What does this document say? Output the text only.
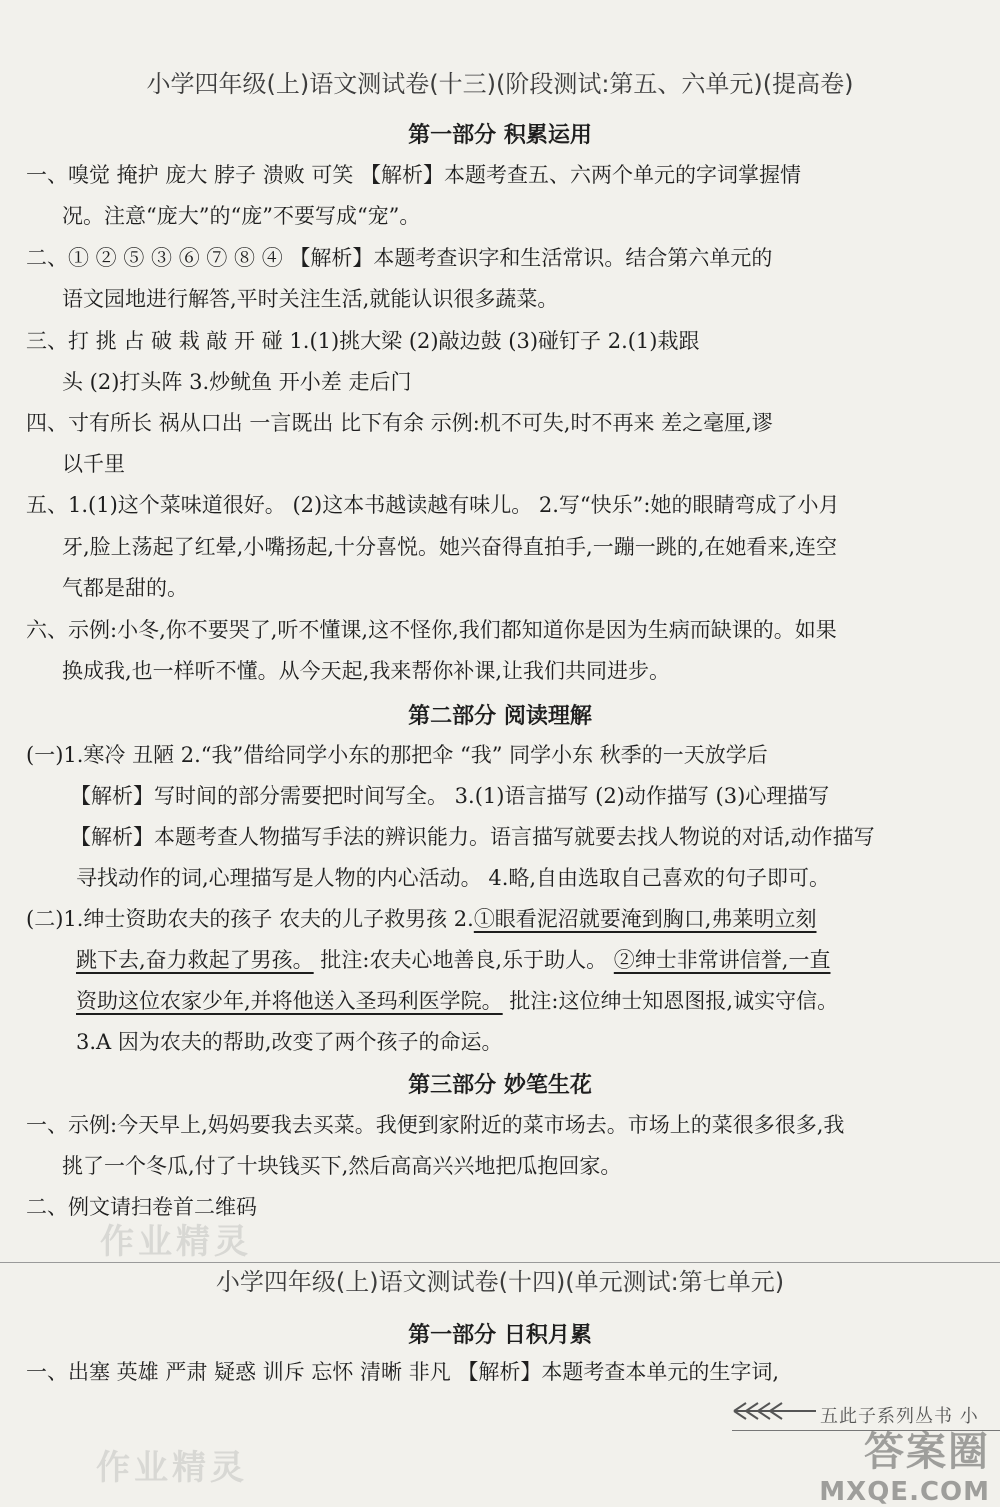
小学四年级(上)语文测试卷(十三)(阶段测试:第五、六单元)(提高卷)
第一部分 积累运用
一、嗅觉 掩护 庞大 脖子 溃败 可笑 【解析】本题考查五、六两个单元的字词掌握情
况。注意“庞大”的“庞”不要写成“宠”。
二、① ② ⑤ ③ ⑥ ⑦ ⑧ ④ 【解析】本题考查识字和生活常识。结合第六单元的
语文园地进行解答,平时关注生活,就能认识很多蔬菜。
三、打 挑 占 破 栽 敲 开 碰 1.(1)挑大梁 (2)敲边鼓 (3)碰钉子 2.(1)栽跟
头 (2)打头阵 3.炒鱿鱼 开小差 走后门
四、寸有所长 祸从口出 一言既出 比下有余 示例:机不可失,时不再来 差之毫厘,谬
以千里
五、1.(1)这个菜味道很好。 (2)这本书越读越有味儿。 2.写“快乐”:她的眼睛弯成了小月
牙,脸上荡起了红晕,小嘴扬起,十分喜悦。她兴奋得直拍手,一蹦一跳的,在她看来,连空
气都是甜的。
六、示例:小冬,你不要哭了,听不懂课,这不怪你,我们都知道你是因为生病而缺课的。如果
换成我,也一样听不懂。从今天起,我来帮你补课,让我们共同进步。
第二部分 阅读理解
(一)1.寒冷 丑陋 2.“我”借给同学小东的那把伞 “我” 同学小东 秋季的一天放学后
【解析】写时间的部分需要把时间写全。 3.(1)语言描写 (2)动作描写 (3)心理描写
【解析】本题考查人物描写手法的辨识能力。语言描写就要去找人物说的对话,动作描写
寻找动作的词,心理描写是人物的内心活动。 4.略,自由选取自己喜欢的句子即可。
(二)1.绅士资助农夫的孩子 农夫的儿子救男孩 2.①眼看泥沼就要淹到胸口,弗莱明立刻
跳下去,奋力救起了男孩。 批注:农夫心地善良,乐于助人。 ②绅士非常讲信誉,一直
资助这位农家少年,并将他送入圣玛利医学院。 批注:这位绅士知恩图报,诚实守信。
3.A 因为农夫的帮助,改变了两个孩子的命运。
第三部分 妙笔生花
一、示例:今天早上,妈妈要我去买菜。我便到家附近的菜市场去。市场上的菜很多很多,我
挑了一个冬瓜,付了十块钱买下,然后高高兴兴地把瓜抱回家。
二、例文请扫卷首二维码
作业精灵
小学四年级(上)语文测试卷(十四)(单元测试:第七单元)
第一部分 日积月累
一、出塞 英雄 严肃 疑惑 训斥 忘怀 清晰 非凡 【解析】本题考查本单元的生字词,
五此子系列丛书 小
作业精灵	答案圈
MXQE.COM
